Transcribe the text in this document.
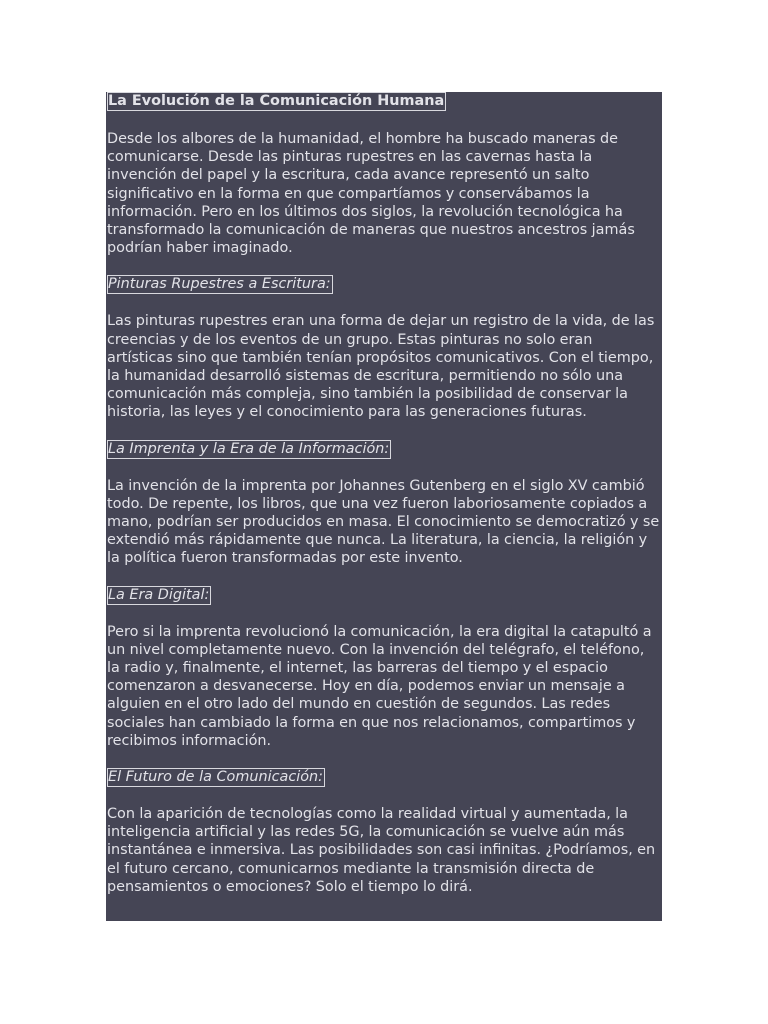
La Evolución de la Comunicación Humana

Desde los albores de la humanidad, el hombre ha buscado maneras de comunicarse. Desde las pinturas rupestres en las cavernas hasta la invención del papel y la escritura, cada avance representó un salto significativo en la forma en que compartíamos y conservábamos la información. Pero en los últimos dos siglos, la revolución tecnológica ha transformado la comunicación de maneras que nuestros ancestros jamás podrían haber imaginado.

Pinturas Rupestres a Escritura:

Las pinturas rupestres eran una forma de dejar un registro de la vida, de las creencias y de los eventos de un grupo. Estas pinturas no solo eran artísticas sino que también tenían propósitos comunicativos. Con el tiempo, la humanidad desarrolló sistemas de escritura, permitiendo no sólo una comunicación más compleja, sino también la posibilidad de conservar la historia, las leyes y el conocimiento para las generaciones futuras.

La Imprenta y la Era de la Información:

La invención de la imprenta por Johannes Gutenberg en el siglo XV cambió todo. De repente, los libros, que una vez fueron laboriosamente copiados a mano, podrían ser producidos en masa. El conocimiento se democratizó y se extendió más rápidamente que nunca. La literatura, la ciencia, la religión y la política fueron transformadas por este invento.

La Era Digital:

Pero si la imprenta revolucionó la comunicación, la era digital la catapultó a un nivel completamente nuevo. Con la invención del telégrafo, el teléfono, la radio y, finalmente, el internet, las barreras del tiempo y el espacio comenzaron a desvanecerse. Hoy en día, podemos enviar un mensaje a alguien en el otro lado del mundo en cuestión de segundos. Las redes sociales han cambiado la forma en que nos relacionamos, compartimos y recibimos información.

El Futuro de la Comunicación:

Con la aparición de tecnologías como la realidad virtual y aumentada, la inteligencia artificial y las redes 5G, la comunicación se vuelve aún más instantánea e inmersiva. Las posibilidades son casi infinitas. ¿Podríamos, en el futuro cercano, comunicarnos mediante la transmisión directa de pensamientos o emociones? Solo el tiempo lo dirá.
